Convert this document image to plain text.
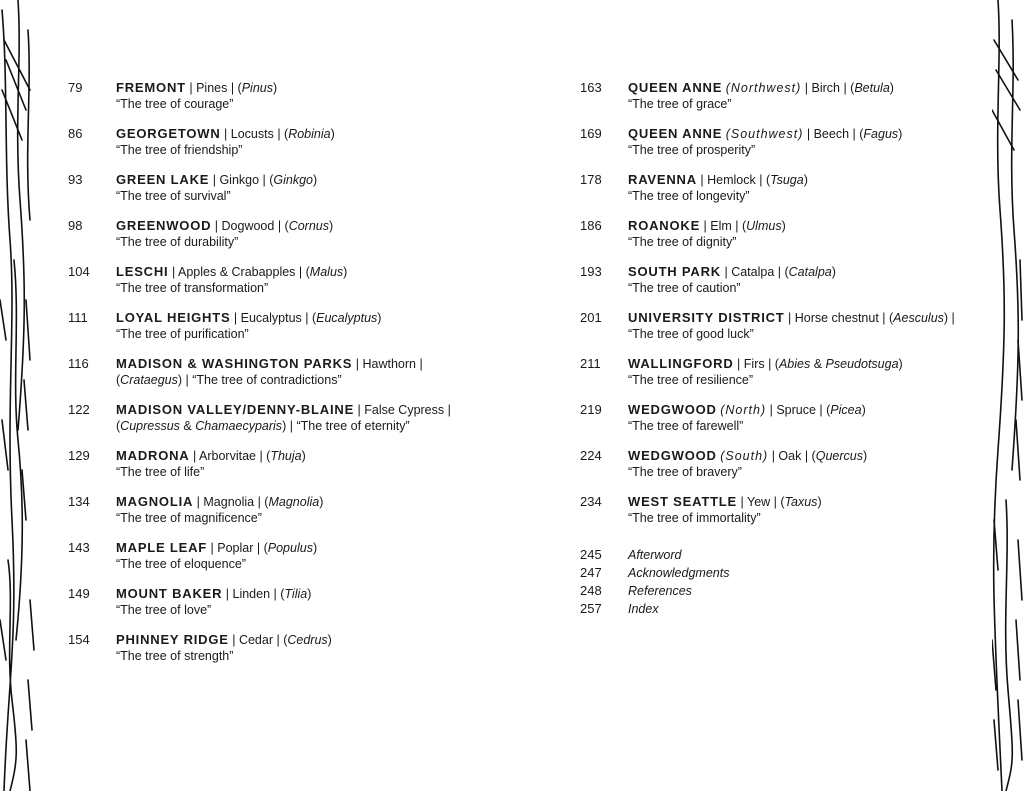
79	FREMONT | Pines | (Pinus)
“The tree of courage”
86	GEORGETOWN | Locusts | (Robinia)
“The tree of friendship”
93	GREEN LAKE | Ginkgo | (Ginkgo)
“The tree of survival”
98	GREENWOOD | Dogwood | (Cornus)
“The tree of durability”
104	LESCHI | Apples & Crabapples | (Malus)
“The tree of transformation”
111	LOYAL HEIGHTS | Eucalyptus | (Eucalyptus)
“The tree of purification”
116	MADISON & WASHINGTON PARKS | Hawthorn | (Crataegus) | “The tree of contradictions”
122	MADISON VALLEY/DENNY-BLAINE | False Cypress | (Cupressus & Chamaecyparis) | “The tree of eternity”
129	MADRONA | Arborvitae | (Thuja)
“The tree of life”
134	MAGNOLIA | Magnolia | (Magnolia)
“The tree of magnificence”
143	MAPLE LEAF | Poplar | (Populus)
“The tree of eloquence”
149	MOUNT BAKER | Linden | (Tilia)
“The tree of love”
154	PHINNEY RIDGE | Cedar | (Cedrus)
“The tree of strength”
163	QUEEN ANNE (Northwest) | Birch | (Betula)
“The tree of grace”
169	QUEEN ANNE (Southwest) | Beech | (Fagus)
“The tree of prosperity”
178	RAVENNA | Hemlock | (Tsuga)
“The tree of longevity”
186	ROANOKE | Elm | (Ulmus)
“The tree of dignity”
193	SOUTH PARK | Catalpa | (Catalpa)
“The tree of caution”
201	UNIVERSITY DISTRICT | Horse chestnut | (Aesculus) | “The tree of good luck”
211	WALLINGFORD | Firs | (Abies & Pseudotsuga)
“The tree of resilience”
219	WEDGWOOD (North) | Spruce | (Picea)
“The tree of farewell”
224	WEDGWOOD (South) | Oak | (Quercus)
“The tree of bravery”
234	WEST SEATTLE | Yew | (Taxus)
“The tree of immortality”
245	Afterword
247	Acknowledgments
248	References
257	Index
